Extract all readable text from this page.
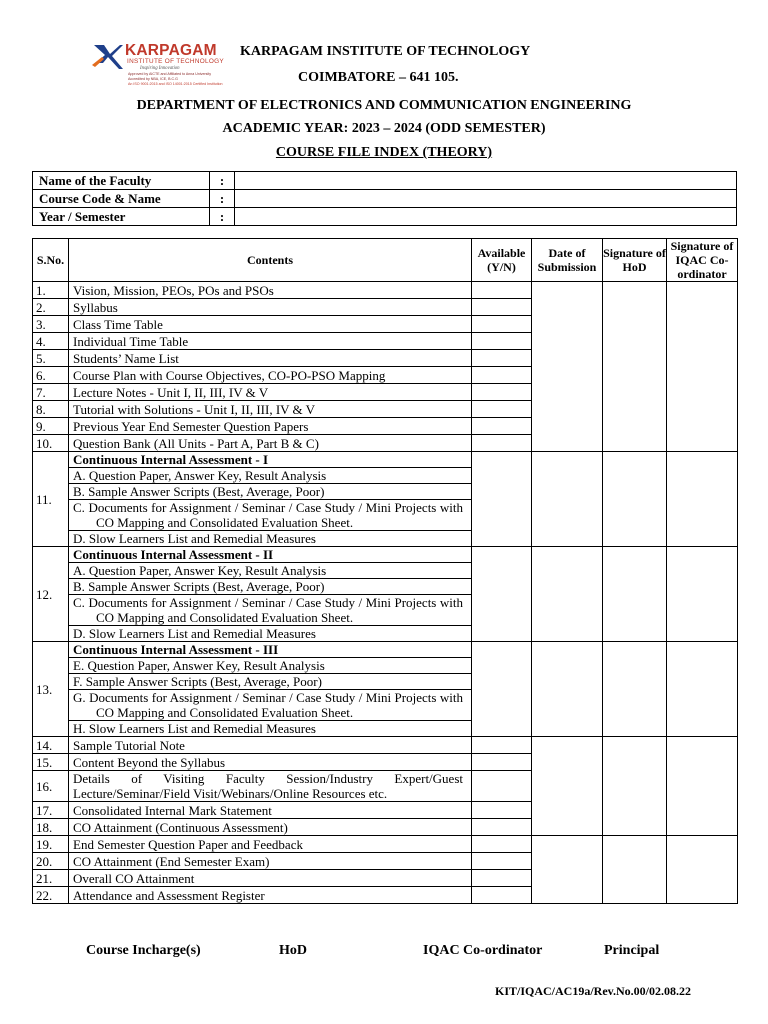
KARPAGAM
INSTITUTE OF TECHNOLOGY
Inspiring Innovation
Approved by AICTE and Affiliated to Anna University
Accredited by NBA, ICE, B.C.G
An ISO 9001:2015 and ISO 14001:2015 Certified Institution
KARPAGAM INSTITUTE OF TECHNOLOGY
COIMBATORE – 641 105.
DEPARTMENT OF ELECTRONICS AND COMMUNICATION ENGINEERING
ACADEMIC YEAR: 2023 – 2024 (ODD SEMESTER)
COURSE FILE INDEX (THEORY)
Name of the Faculty	:	
Course Code & Name	:	
Year / Semester	:	
S.No.	Contents	Available (Y/N)	Date of Submission	Signature of HoD	Signature of IQAC Co-ordinator
1.	Vision, Mission, PEOs, POs and PSOs				
2.	Syllabus				
3.	Class Time Table				
4.	Individual Time Table				
5.	Students’ Name List				
6.	Course Plan with Course Objectives, CO-PO-PSO Mapping				
7.	Lecture Notes - Unit I, II, III, IV & V				
8.	Tutorial with Solutions - Unit I, II, III, IV & V				
9.	Previous Year End Semester Question Papers				
10.	Question Bank (All Units - Part A, Part B & C)				
11.	Continuous Internal Assessment - I				

	A. Question Paper, Answer Key, Result Analysis				

	B. Sample Answer Scripts (Best, Average, Poor)				

	C. Documents for Assignment / Seminar / Case Study / Mini Projects with CO Mapping and Consolidated Evaluation Sheet.				

	D. Slow Learners List and Remedial Measures				

12.	Continuous Internal Assessment - II				

	A. Question Paper, Answer Key, Result Analysis				

	B. Sample Answer Scripts (Best, Average, Poor)				

	C. Documents for Assignment / Seminar / Case Study / Mini Projects with CO Mapping and Consolidated Evaluation Sheet.				

	D. Slow Learners List and Remedial Measures				

13.	Continuous Internal Assessment - III				

	E. Question Paper, Answer Key, Result Analysis				

	F. Sample Answer Scripts (Best, Average, Poor)				

	G. Documents for Assignment / Seminar / Case Study / Mini Projects with CO Mapping and Consolidated Evaluation Sheet.				

	H. Slow Learners List and Remedial Measures				

14.	Sample Tutorial Note				
15.	Content Beyond the Syllabus				
16.	Details of Visiting Faculty Session/Industry Expert/Guest Lecture/Seminar/Field Visit/Webinars/Online Resources etc.				

17.	Consolidated Internal Mark Statement				
18.	CO Attainment (Continuous Assessment)				
19.	End Semester Question Paper and Feedback				
20.	CO Attainment (End Semester Exam)				
21.	Overall CO Attainment				
22.	Attendance and Assessment Register				
Course Incharge(s)	HoD	IQAC Co-ordinator	Principal
KIT/IQAC/AC19a/Rev.No.00/02.08.22
